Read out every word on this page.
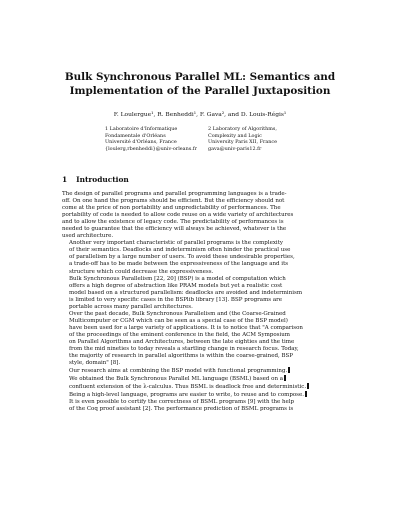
Bulk Synchronous Parallel ML: Semantics and
Implementation of the Parallel Juxtaposition
F. Loulergue¹, R. Benheddi¹, F. Gava², and D. Louis-Régis¹
1 Laboratoire d'Informatique
Fondamentale d'Orléans
Université d'Orléans, France
{loulerg,rbenheddi}@univ-orleans.fr
2 Laboratory of Algorithms,
Complexity and Logic
University Paris XII, France
gava@univ-paris12.fr
1 Introduction
The design of parallel programs and parallel programming languages is a trade-
off. On one hand the programs should be efficient. But the efficiency should not
come at the price of non portability and unpredictability of performances. The
portability of code is needed to allow code reuse on a wide variety of architectures
and to allow the existence of legacy code. The predictability of performances is
needed to guarantee that the efficiency will always be achieved, whatever is the
used architecture.
Another very important characteristic of parallel programs is the complexity
of their semantics. Deadlocks and indeterminism often hinder the practical use
of parallelism by a large number of users. To avoid these undesirable properties,
a trade-off has to be made between the expressiveness of the language and its
structure which could decrease the expressiveness.
Bulk Synchronous Parallelism [22, 20] (BSP) is a model of computation which
offers a high degree of abstraction like PRAM models but yet a realistic cost
model based on a structured parallelism: deadlocks are avoided and indeterminism
is limited to very specific cases in the BSPlib library [13]. BSP programs are
portable across many parallel architectures.
Over the past decade, Bulk Synchronous Parallelism and (the Coarse-Grained
Multicomputer or CGM which can be seen as a special case of the BSP model)
have been used for a large variety of applications. It is to notice that "A comparison
of the proceedings of the eminent conference in the field, the ACM Symposium
on Parallel Algorithms and Architectures, between the late eighties and the time
from the mid nineties to today reveals a startling change in research focus. Today,
the majority of research in parallel algorithms is within the coarse-grained, BSP
style, domain" [8].
Our research aims at combining the BSP model with functional programming.
We obtained the Bulk Synchronous Parallel ML language (BSML) based on a
confluent extension of the λ-calculus. Thus BSML is deadlock free and deterministic.
Being a high-level language, programs are easier to write, to reuse and to compose.
It is even possible to certify the correctness of BSML programs [9] with the help
of the Coq proof assistant [2]. The performance prediction of BSML programs is
